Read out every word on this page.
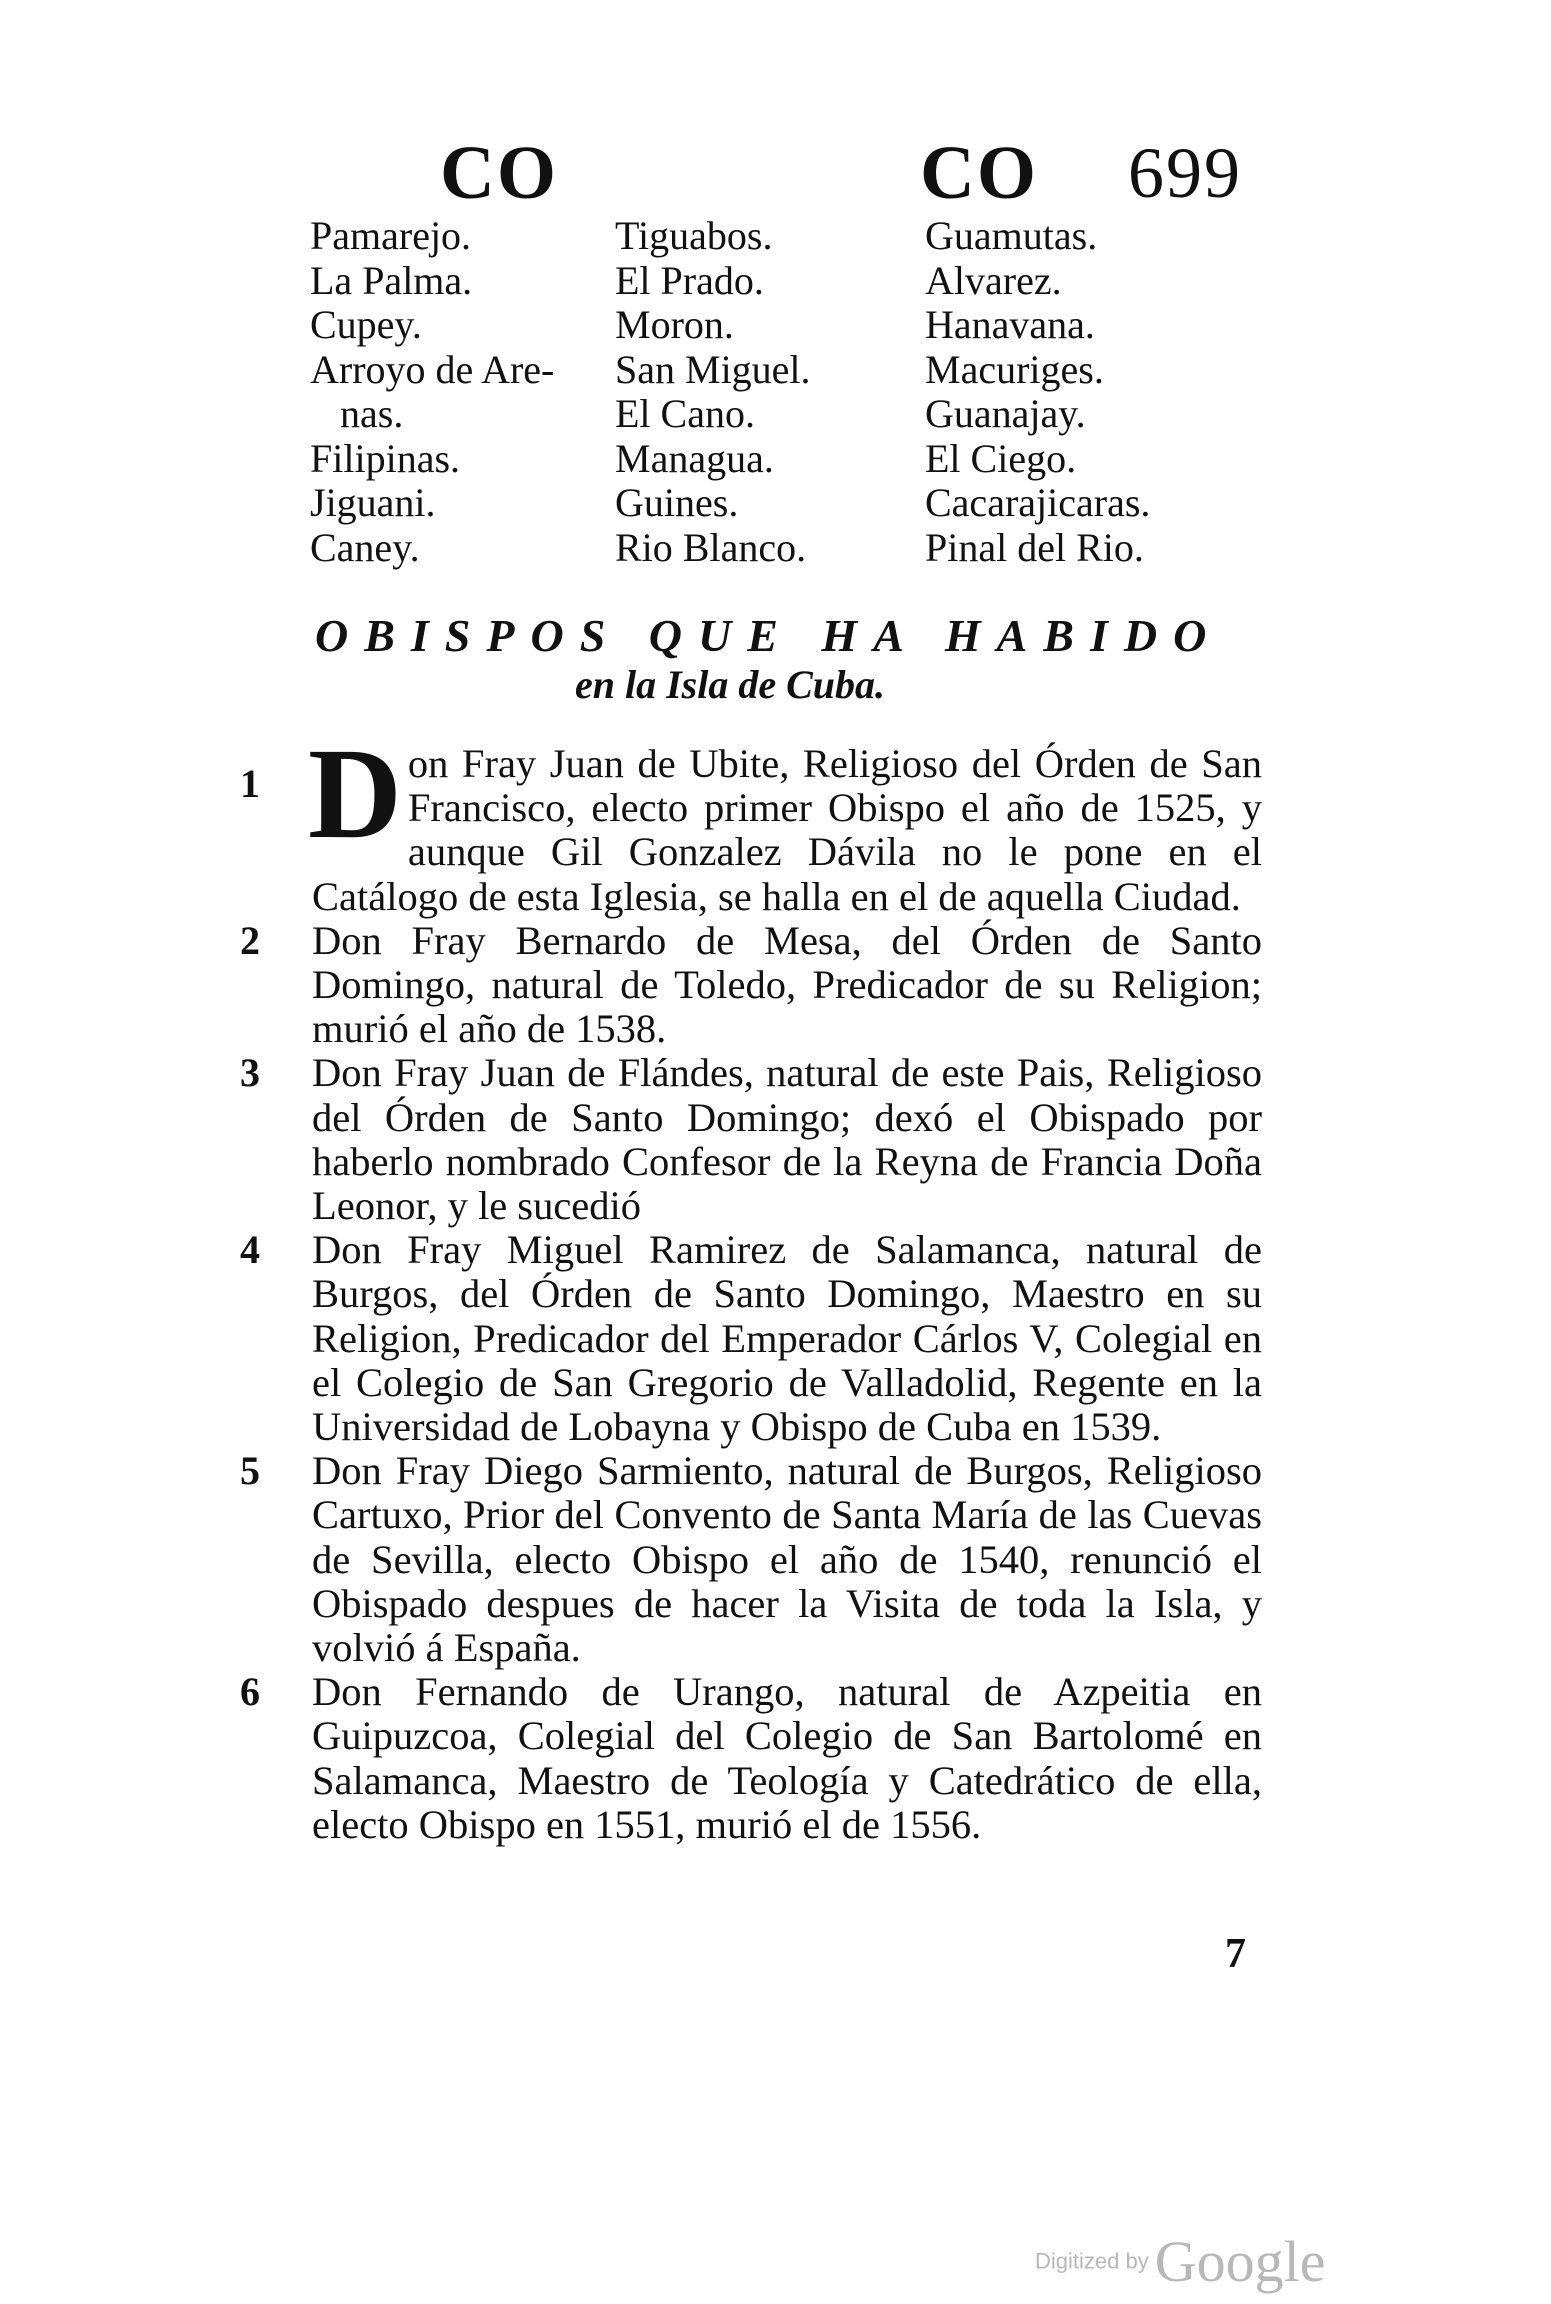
CO	CO 699
Pamarejo.
La Palma.
Cupey.
Arroyo de Are-
nas.
Filipinas.
Jiguani.
Caney.
Tiguabos.
El Prado.
Moron.
San Miguel.
El Cano.
Managua.
Guines.
Rio Blanco.
Guamutas.
Alvarez.
Hanavana.
Macuriges.
Guanajay.
El Ciego.
Cacarajicaras.
Pinal del Rio.
OBISPOS QUE HA HABIDO
en la Isla de Cuba.
1 Don Fray Juan de Ubite, Religioso del Órden de San Francisco, electo primer Obispo el año de 1525, y aunque Gil Gonzalez Dávila no le pone en el Catálogo de esta Iglesia, se halla en el de aquella Ciudad.
2 Don Fray Bernardo de Mesa, del Órden de Santo Domingo, natural de Toledo, Predicador de su Religion; murió el año de 1538.
3 Don Fray Juan de Flándes, natural de este Pais, Religioso del Órden de Santo Domingo; dexó el Obispado por haberlo nombrado Confesor de la Reyna de Francia Doña Leonor, y le sucedió
4 Don Fray Miguel Ramirez de Salamanca, natural de Burgos, del Órden de Santo Domingo, Maestro en su Religion, Predicador del Emperador Cárlos V, Colegial en el Colegio de San Gregorio de Valladolid, Regente en la Universidad de Lobayna y Obispo de Cuba en 1539.
5 Don Fray Diego Sarmiento, natural de Burgos, Religioso Cartuxo, Prior del Convento de Santa María de las Cuevas de Sevilla, electo Obispo el año de 1540, renunció el Obispado despues de hacer la Visita de toda la Isla, y volvió á España.
6 Don Fernando de Urango, natural de Azpeitia en Guipuzcoa, Colegial del Colegio de San Bartolomé en Salamanca, Maestro de Teología y Catedrático de ella, electo Obispo en 1551, murió el de 1556.
7
Digitized by Google
